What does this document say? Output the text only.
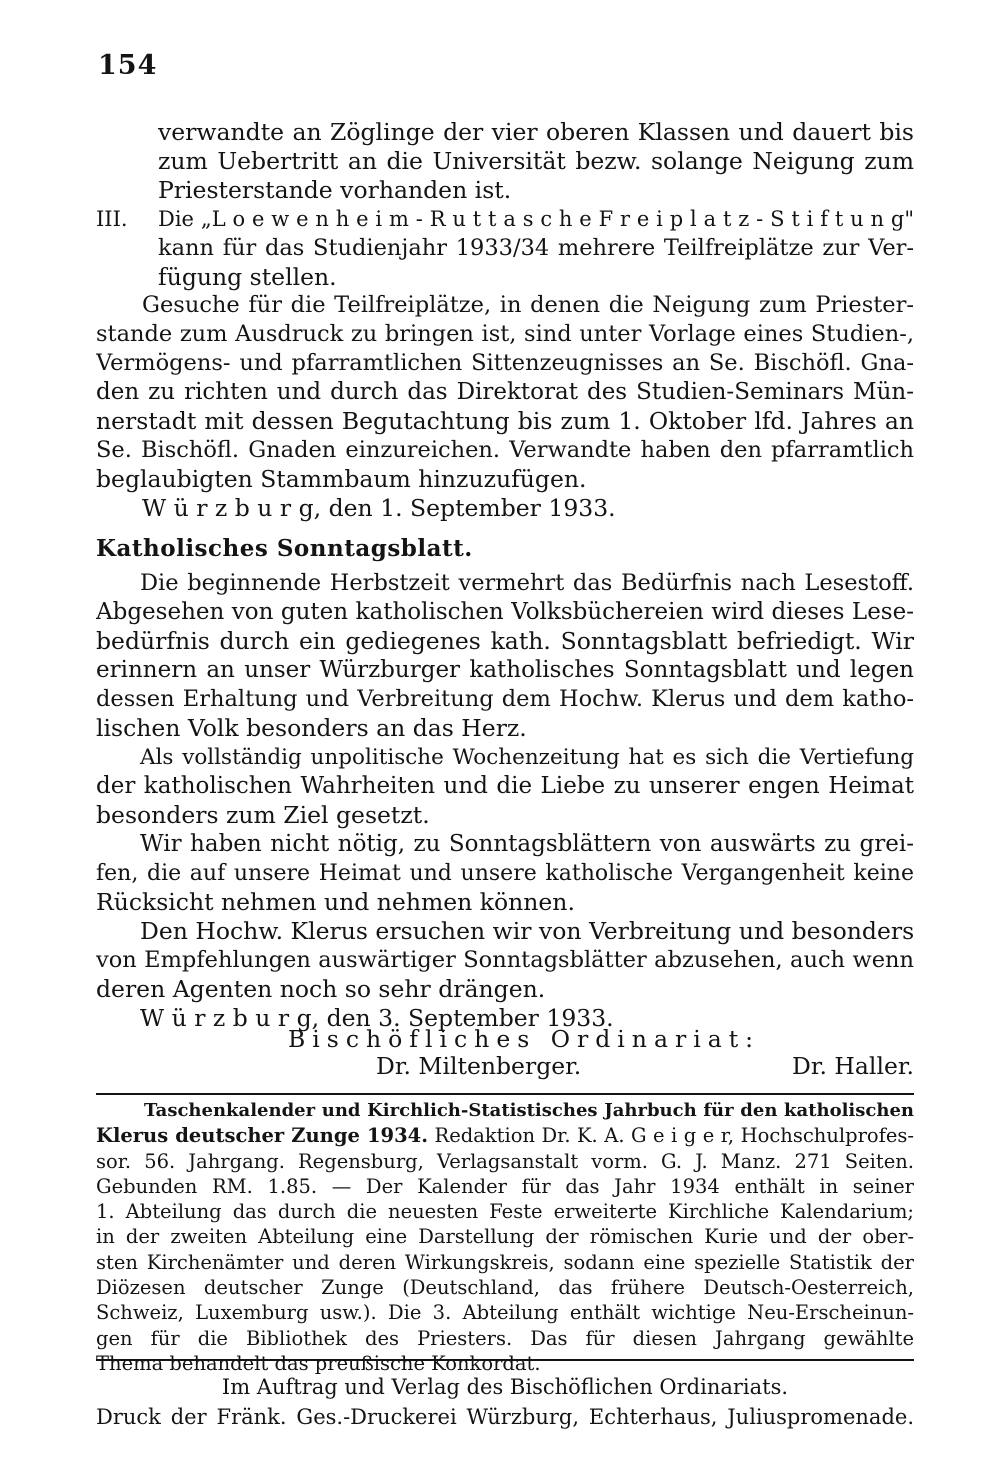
154
verwandte an Zöglinge der vier oberen Klassen und dauert bis
zum Uebertritt an die Universität bezw. solange Neigung zum
Priesterstande vorhanden ist.
III. Die „L o e w e n h e i m - R u t t a s c h e F r e i p l a t z - S t i f t u n g"
kann für das Studienjahr 1933/34 mehrere Teilfreiplätze zur Ver-
fügung stellen.
Gesuche für die Teilfreiplätze, in denen die Neigung zum Priester-
stande zum Ausdruck zu bringen ist, sind unter Vorlage eines Studien-,
Vermögens- und pfarramtlichen Sittenzeugnisses an Se. Bischöfl. Gna-
den zu richten und durch das Direktorat des Studien-Seminars Mün-
nerstadt mit dessen Begutachtung bis zum 1. Oktober lfd. Jahres an
Se. Bischöfl. Gnaden einzureichen. Verwandte haben den pfarramtlich
beglaubigten Stammbaum hinzuzufügen.
W ü r z b u r g, den 1. September 1933.
Katholisches Sonntagsblatt.
Die beginnende Herbstzeit vermehrt das Bedürfnis nach Lesestoff.
Abgesehen von guten katholischen Volksbüchereien wird dieses Lese-
bedürfnis durch ein gediegenes kath. Sonntagsblatt befriedigt. Wir
erinnern an unser Würzburger katholisches Sonntagsblatt und legen
dessen Erhaltung und Verbreitung dem Hochw. Klerus und dem katho-
lischen Volk besonders an das Herz.
Als vollständig unpolitische Wochenzeitung hat es sich die Vertiefung
der katholischen Wahrheiten und die Liebe zu unserer engen Heimat
besonders zum Ziel gesetzt.
Wir haben nicht nötig, zu Sonntagsblättern von auswärts zu grei-
fen, die auf unsere Heimat und unsere katholische Vergangenheit keine
Rücksicht nehmen und nehmen können.
Den Hochw. Klerus ersuchen wir von Verbreitung und besonders
von Empfehlungen auswärtiger Sonntagsblätter abzusehen, auch wenn
deren Agenten noch so sehr drängen.
W ü r z b u r g, den 3. September 1933.
Bischöfliches Ordinariat:
Dr. Miltenberger.	Dr. Haller.
Taschenkalender und Kirchlich-Statistisches Jahrbuch für den katholischen
Klerus deutscher Zunge 1934. Redaktion Dr. K. A. G e i g e r, Hochschulprofes-
sor. 56. Jahrgang. Regensburg, Verlagsanstalt vorm. G. J. Manz. 271 Seiten.
Gebunden RM. 1.85. — Der Kalender für das Jahr 1934 enthält in seiner
1. Abteilung das durch die neuesten Feste erweiterte Kirchliche Kalendarium;
in der zweiten Abteilung eine Darstellung der römischen Kurie und der ober-
sten Kirchenämter und deren Wirkungskreis, sodann eine spezielle Statistik der
Diözesen deutscher Zunge (Deutschland, das frühere Deutsch-Oesterreich,
Schweiz, Luxemburg usw.). Die 3. Abteilung enthält wichtige Neu-Erscheinun-
gen für die Bibliothek des Priesters. Das für diesen Jahrgang gewählte
Thema behandelt das preußische Konkordat.
Im Auftrag und Verlag des Bischöflichen Ordinariats.
Druck der Fränk. Ges.-Druckerei Würzburg, Echterhaus, Juliuspromenade.
